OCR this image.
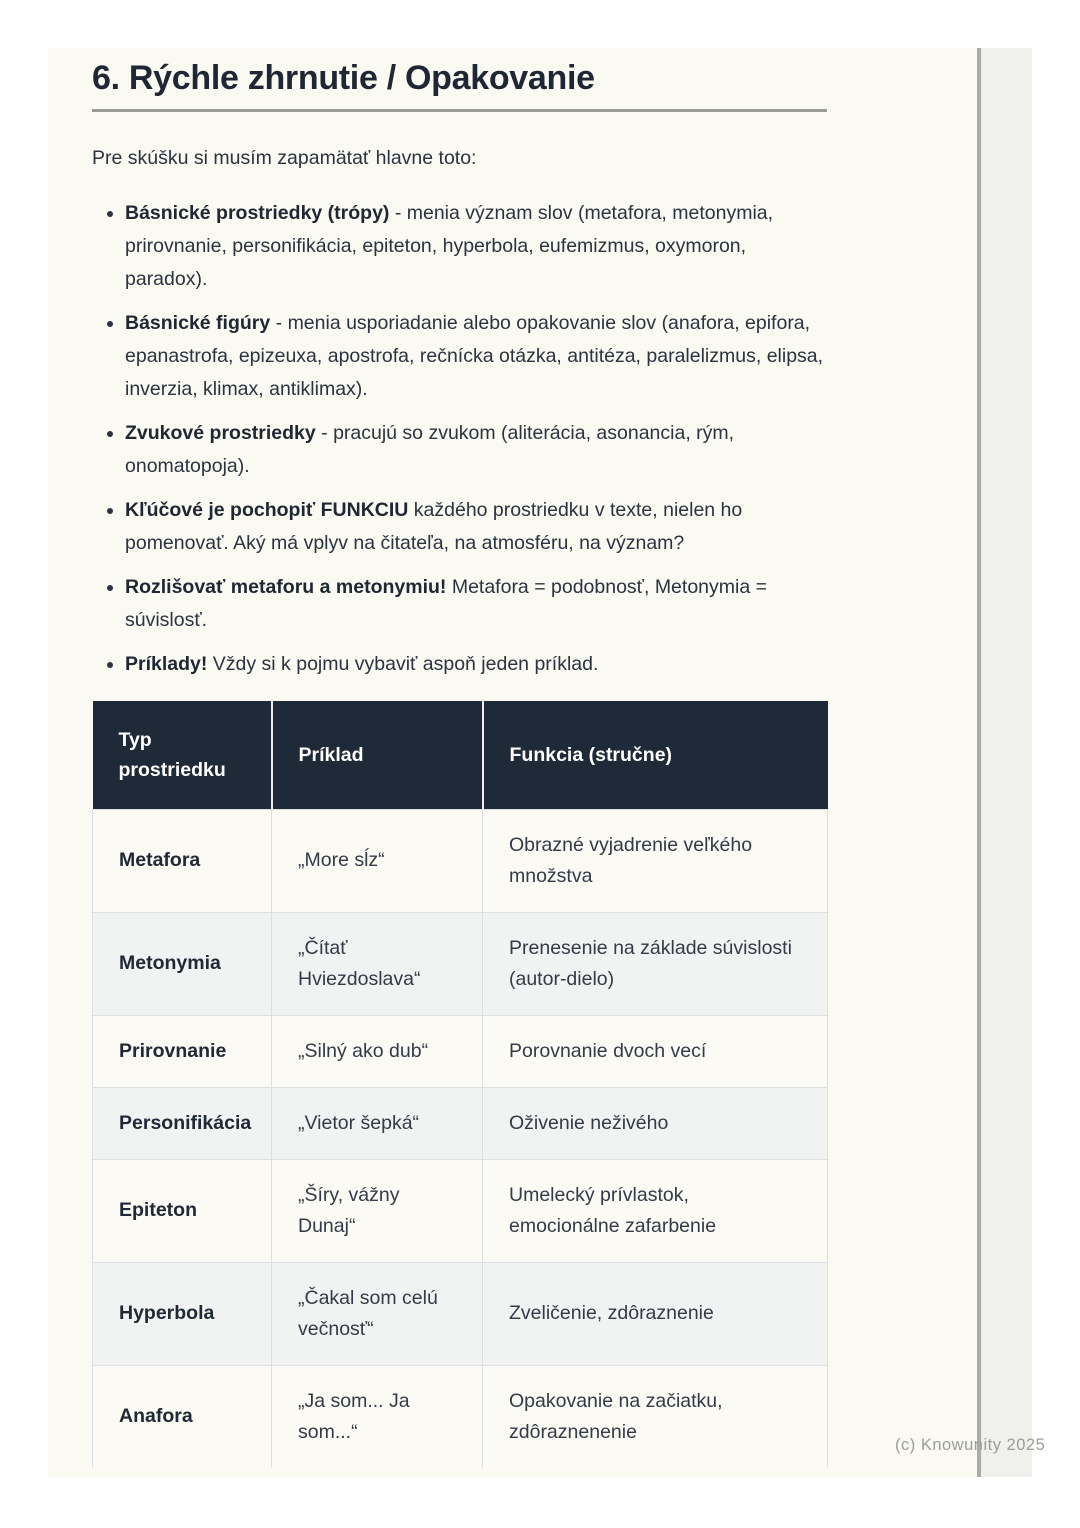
6. Rýchle zhrnutie / Opakovanie

Pre skúšku si musím zapamätať hlavne toto:

• Básnické prostriedky (trópy) - menia význam slov (metafora, metonymia, prirovnanie, personifikácia, epiteton, hyperbola, eufemizmus, oxymoron, paradox).
• Básnické figúry - menia usporiadanie alebo opakovanie slov (anafora, epifora, epanastrofa, epizeuxa, apostrofa, rečnícka otázka, antitéza, paralelizmus, elipsa, inverzia, klimax, antiklimax).
• Zvukové prostriedky - pracujú so zvukom (aliterácia, asonancia, rým, onomatopoja).
• Kľúčové je pochopiť FUNKCIU každého prostriedku v texte, nielen ho pomenovať. Aký má vplyv na čitateľa, na atmosféru, na význam?
• Rozlišovať metaforu a metonymiu! Metafora = podobnosť, Metonymia = súvislosť.
• Príklady! Vždy si k pojmu vybaviť aspoň jeden príklad.
Typ prostriedku	Príklad	Funkcia (stručne)
Metafora	„More sĺz“	Obrazné vyjadrenie veľkého množstva
Metonymia	„Čítať Hviezdoslava“	Prenesenie na základe súvislosti (autor-dielo)
Prirovnanie	„Silný ako dub“	Porovnanie dvoch vecí
Personifikácia	„Vietor šepká“	Oživenie neživého
Epiteton	„Šíry, vážny Dunaj“	Umelecký prívlastok, emocionálne zafarbenie
Hyperbola	„Čakal som celú večnosť“	Zveličenie, zdôraznenie
Anafora	„Ja som... Ja som...“	Opakovanie na začiatku, zdôraznenenie
(c) Knowunity 2025
